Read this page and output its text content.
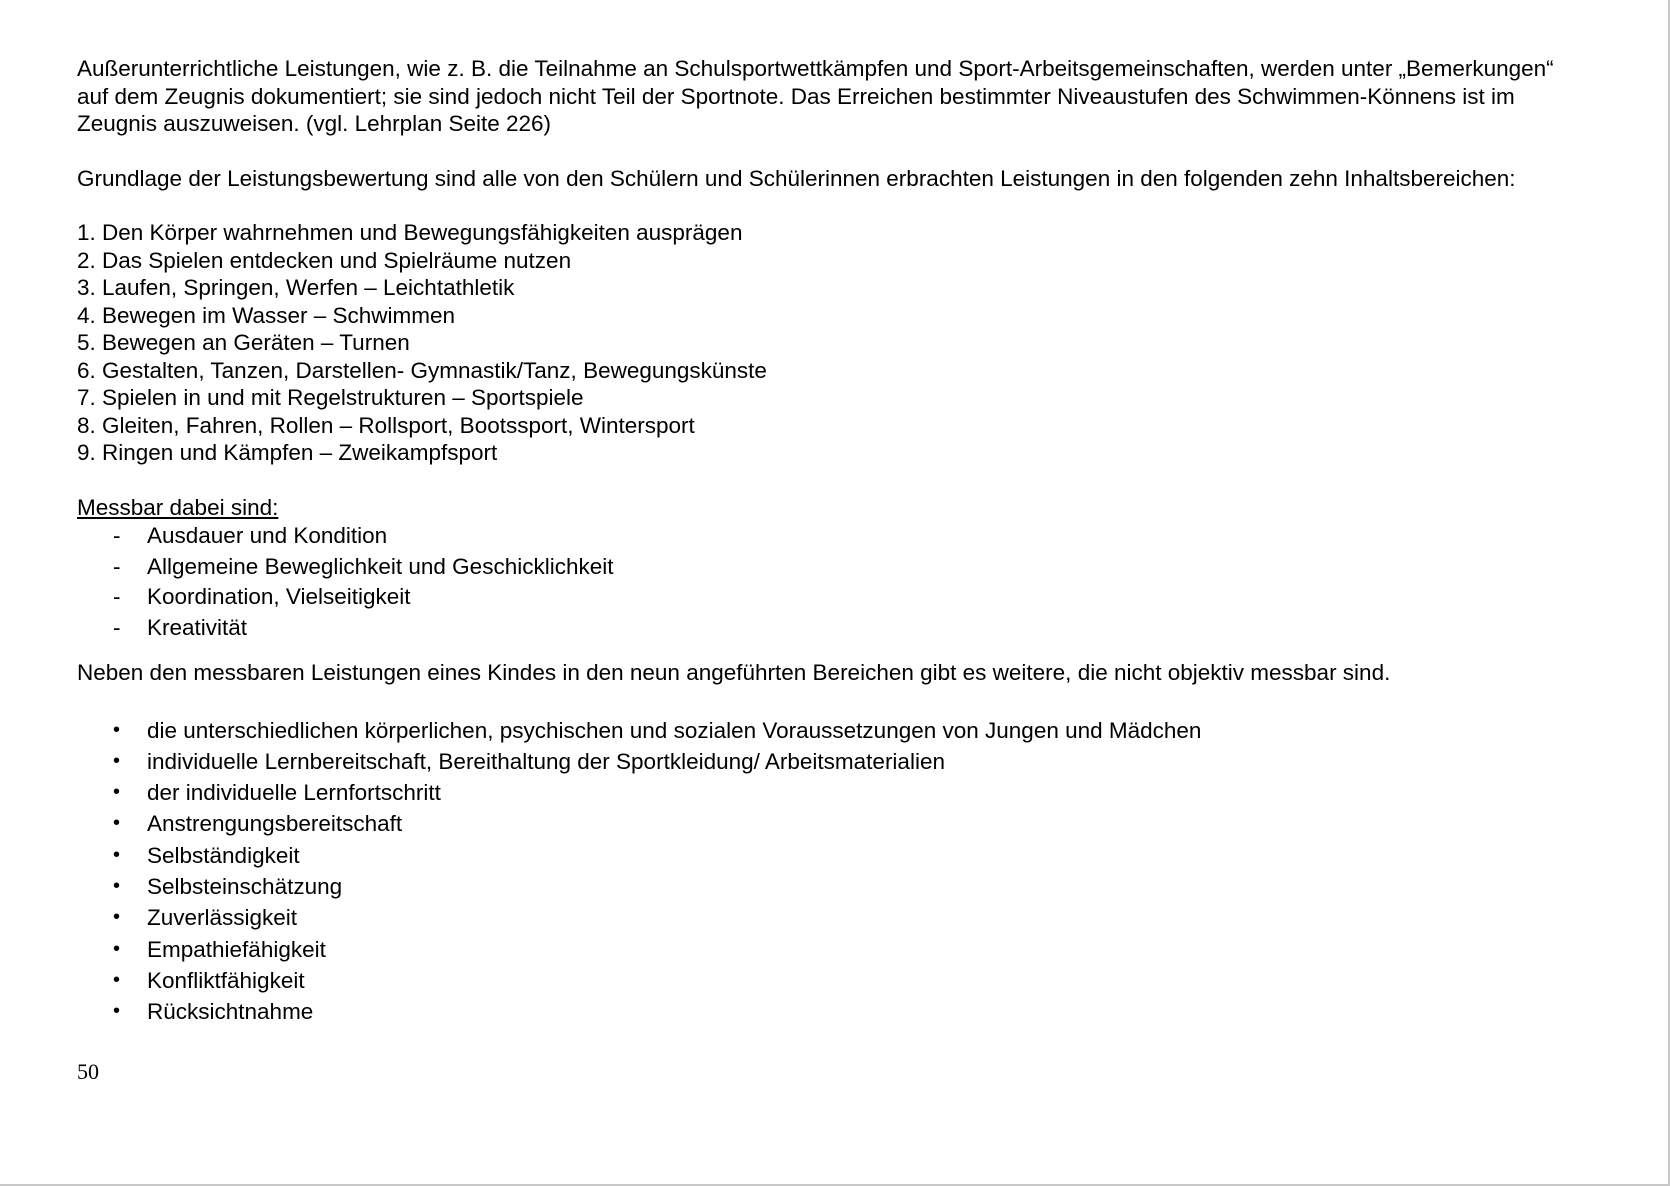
Außerunterrichtliche Leistungen, wie z. B. die Teilnahme an Schulsportwettkämpfen und Sport-Arbeitsgemeinschaften, werden unter „Bemerkungen“ auf dem Zeugnis dokumentiert; sie sind jedoch nicht Teil der Sportnote. Das Erreichen bestimmter Niveaustufen des Schwimmen-Könnens ist im Zeugnis auszuweisen. (vgl. Lehrplan Seite 226)

Grundlage der Leistungsbewertung sind alle von den Schülern und Schülerinnen erbrachten Leistungen in den folgenden zehn Inhaltsbereichen:

1. Den Körper wahrnehmen und Bewegungsfähigkeiten ausprägen
2. Das Spielen entdecken und Spielräume nutzen
3. Laufen, Springen, Werfen – Leichtathletik
4. Bewegen im Wasser – Schwimmen
5. Bewegen an Geräten – Turnen
6. Gestalten, Tanzen, Darstellen- Gymnastik/Tanz, Bewegungskünste
7. Spielen in und mit Regelstrukturen – Sportspiele
8. Gleiten, Fahren, Rollen – Rollsport, Bootssport, Wintersport
9. Ringen und Kämpfen – Zweikampfsport

Messbar dabei sind:

- Ausdauer und Kondition
- Allgemeine Beweglichkeit und Geschicklichkeit
- Koordination, Vielseitigkeit
- Kreativität

Neben den messbaren Leistungen eines Kindes in den neun angeführten Bereichen gibt es weitere, die nicht objektiv messbar sind.

• die unterschiedlichen körperlichen, psychischen und sozialen Voraussetzungen von Jungen und Mädchen
• individuelle Lernbereitschaft, Bereithaltung der Sportkleidung/ Arbeitsmaterialien
• der individuelle Lernfortschritt
• Anstrengungsbereitschaft
• Selbständigkeit
• Selbsteinschätzung
• Zuverlässigkeit
• Empathiefähigkeit
• Konfliktfähigkeit
• Rücksichtnahme
50
